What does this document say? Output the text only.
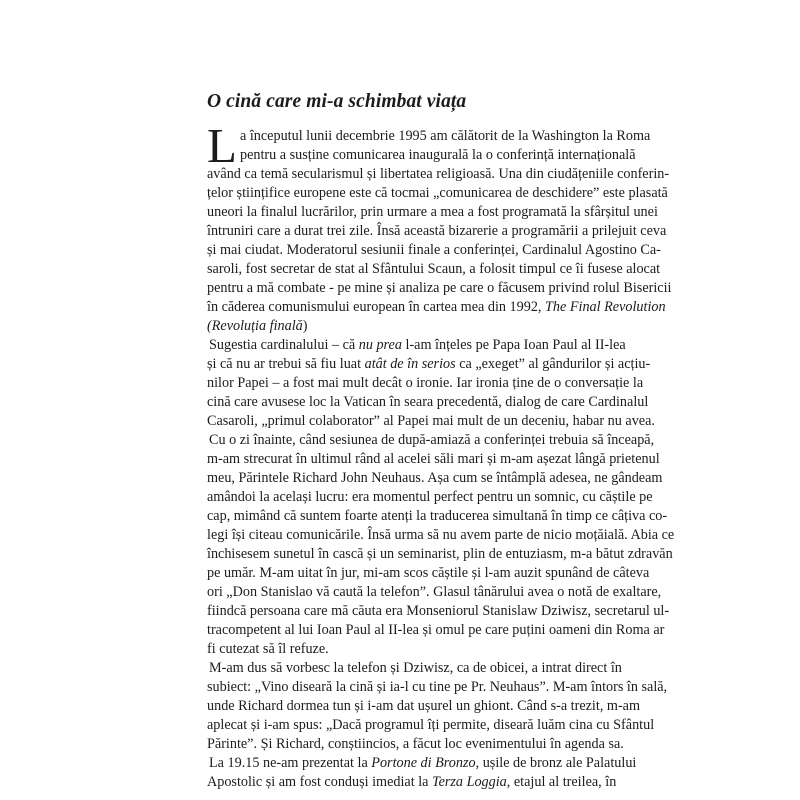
O cină care mi-a schimbat viața
L a începutul lunii decembrie 1995 am călătorit de la Washington la Roma
pentru a susține comunicarea inaugurală la o conferință internațională
având ca temă secularismul și libertatea religioasă. Una din ciudățeniile conferin-
țelor științifice europene este că tocmai „comunicarea de deschidere” este plasată
uneori la finalul lucrărilor, prin urmare a mea a fost programată la sfârșitul unei
întruniri care a durat trei zile. Însă această bizarerie a programării a prilejuit ceva
și mai ciudat. Moderatorul sesiunii finale a conferinței, Cardinalul Agostino Ca-
saroli, fost secretar de stat al Sfântului Scaun, a folosit timpul ce îi fusese alocat
pentru a mă combate - pe mine și analiza pe care o făcusem privind rolul Bisericii
în căderea comunismului european în cartea mea din 1992, The Final Revolution
(Revoluția finală)
Sugestia cardinalului – că nu prea l-am înțeles pe Papa Ioan Paul al II-lea
și că nu ar trebui să fiu luat atât de în serios ca „exeget” al gândurilor și acțiu-
nilor Papei – a fost mai mult decât o ironie. Iar ironia ține de o conversație la
cină care avusese loc la Vatican în seara precedentă, dialog de care Cardinalul
Casaroli, „primul colaborator” al Papei mai mult de un deceniu, habar nu avea.
Cu o zi înainte, când sesiunea de după-amiază a conferinței trebuia să înceapă,
m-am strecurat în ultimul rând al acelei săli mari și m-am așezat lângă prietenul
meu, Părintele Richard John Neuhaus. Așa cum se întâmplă adesea, ne gândeam
amândoi la același lucru: era momentul perfect pentru un somnic, cu căștile pe
cap, mimând că suntem foarte atenți la traducerea simultană în timp ce câțiva co-
legi își citeau comunicările. Însă urma să nu avem parte de nicio moțăială. Abia ce
închisesem sunetul în cască și un seminarist, plin de entuziasm, m-a bătut zdravăn
pe umăr. M-am uitat în jur, mi-am scos căștile și l-am auzit spunând de câteva
ori „Don Stanislao vă caută la telefon”. Glasul tânărului avea o notă de exaltare,
fiindcă persoana care mă căuta era Monseniorul Stanislaw Dziwisz, secretarul ul-
tracompetent al lui Ioan Paul al II-lea și omul pe care puțini oameni din Roma ar
fi cutezat să îl refuze.
M-am dus să vorbesc la telefon și Dziwisz, ca de obicei, a intrat direct în
subiect: „Vino diseară la cină și ia-l cu tine pe Pr. Neuhaus”. M-am întors în sală,
unde Richard dormea tun și i-am dat ușurel un ghiont. Când s-a trezit, m-am
aplecat și i-am spus: „Dacă programul îți permite, diseară luăm cina cu Sfântul
Părinte”. Și Richard, conștiincios, a făcut loc evenimentului în agenda sa.
La 19.15 ne-am prezentat la Portone di Bronzo, ușile de bronz ale Palatului
Apostolic și am fost conduși imediat la Terza Loggia, etajul al treilea, în
